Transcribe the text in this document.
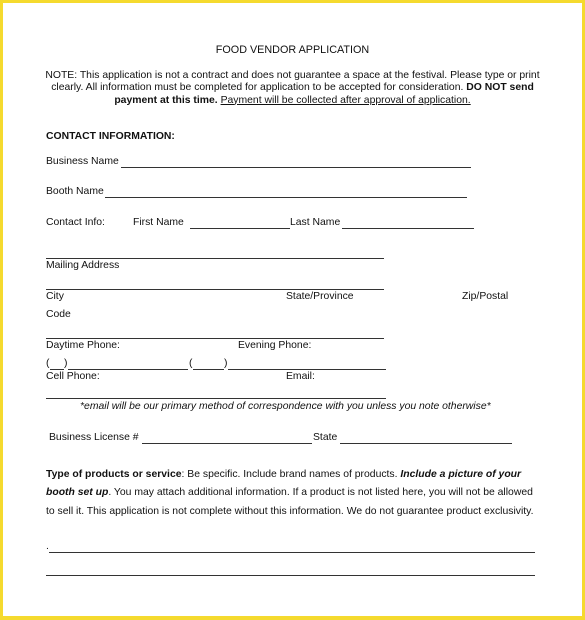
FOOD VENDOR APPLICATION
NOTE: This application is not a contract and does not guarantee a space at the festival. Please type or print clearly. All information must be completed for application to be accepted for consideration. DO NOT send payment at this time. Payment will be collected after approval of application.
CONTACT INFORMATION:
Business Name
Booth Name
Contact Info:	First Name	Last Name
Mailing Address
City	State/Province	Zip/Postal
Code
Daytime Phone:	Evening Phone:
( )	(	)
Cell Phone:	Email:
*email will be our primary method of correspondence with you unless you note otherwise*
Business License #	State
Type of products or service: Be specific. Include brand names of products. Include a picture of your booth set up. You may attach additional information. If a product is not listed here, you will not be allowed to sell it. This application is not complete without this information. We do not guarantee product exclusivity.
.
